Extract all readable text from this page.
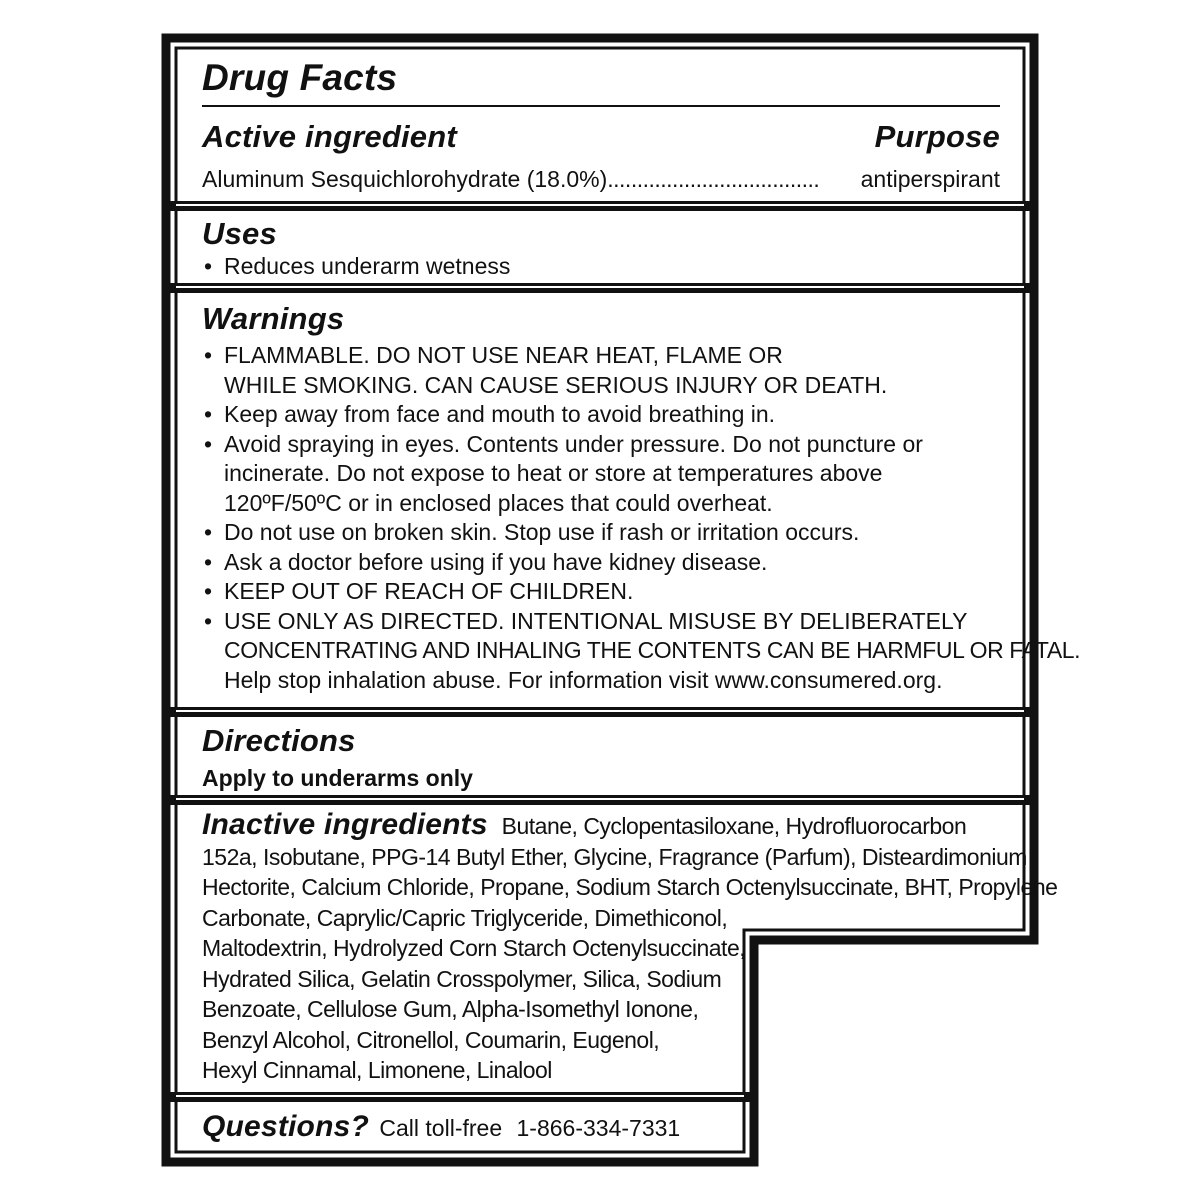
Drug Facts
Active ingredient	Purpose
Aluminum Sesquichlorohydrate (18.0%) ....................................	antiperspirant
Uses
• Reduces underarm wetness
Warnings
• FLAMMABLE. DO NOT USE NEAR HEAT, FLAME OR
WHILE SMOKING. CAN CAUSE SERIOUS INJURY OR DEATH.
• Keep away from face and mouth to avoid breathing in.
• Avoid spraying in eyes. Contents under pressure. Do not puncture or
incinerate. Do not expose to heat or store at temperatures above
120ºF/50ºC or in enclosed places that could overheat.
• Do not use on broken skin. Stop use if rash or irritation occurs.
• Ask a doctor before using if you have kidney disease.
• KEEP OUT OF REACH OF CHILDREN.
• USE ONLY AS DIRECTED. INTENTIONAL MISUSE BY DELIBERATELY
CONCENTRATING AND INHALING THE CONTENTS CAN BE HARMFUL OR FATAL.
Help stop inhalation abuse. For information visit www.consumered.org.
Directions
Apply to underarms only
Inactive ingredients Butane, Cyclopentasiloxane, Hydrofluorocarbon
152a, Isobutane, PPG-14 Butyl Ether, Glycine, Fragrance (Parfum), Disteardimonium
Hectorite, Calcium Chloride, Propane, Sodium Starch Octenylsuccinate, BHT, Propylene
Carbonate, Caprylic/Capric Triglyceride, Dimethiconol,
Maltodextrin, Hydrolyzed Corn Starch Octenylsuccinate,
Hydrated Silica, Gelatin Crosspolymer, Silica, Sodium
Benzoate, Cellulose Gum, Alpha-Isomethyl Ionone,
Benzyl Alcohol, Citronellol, Coumarin, Eugenol,
Hexyl Cinnamal, Limonene, Linalool
Questions? Call toll-free 1-866-334-7331
